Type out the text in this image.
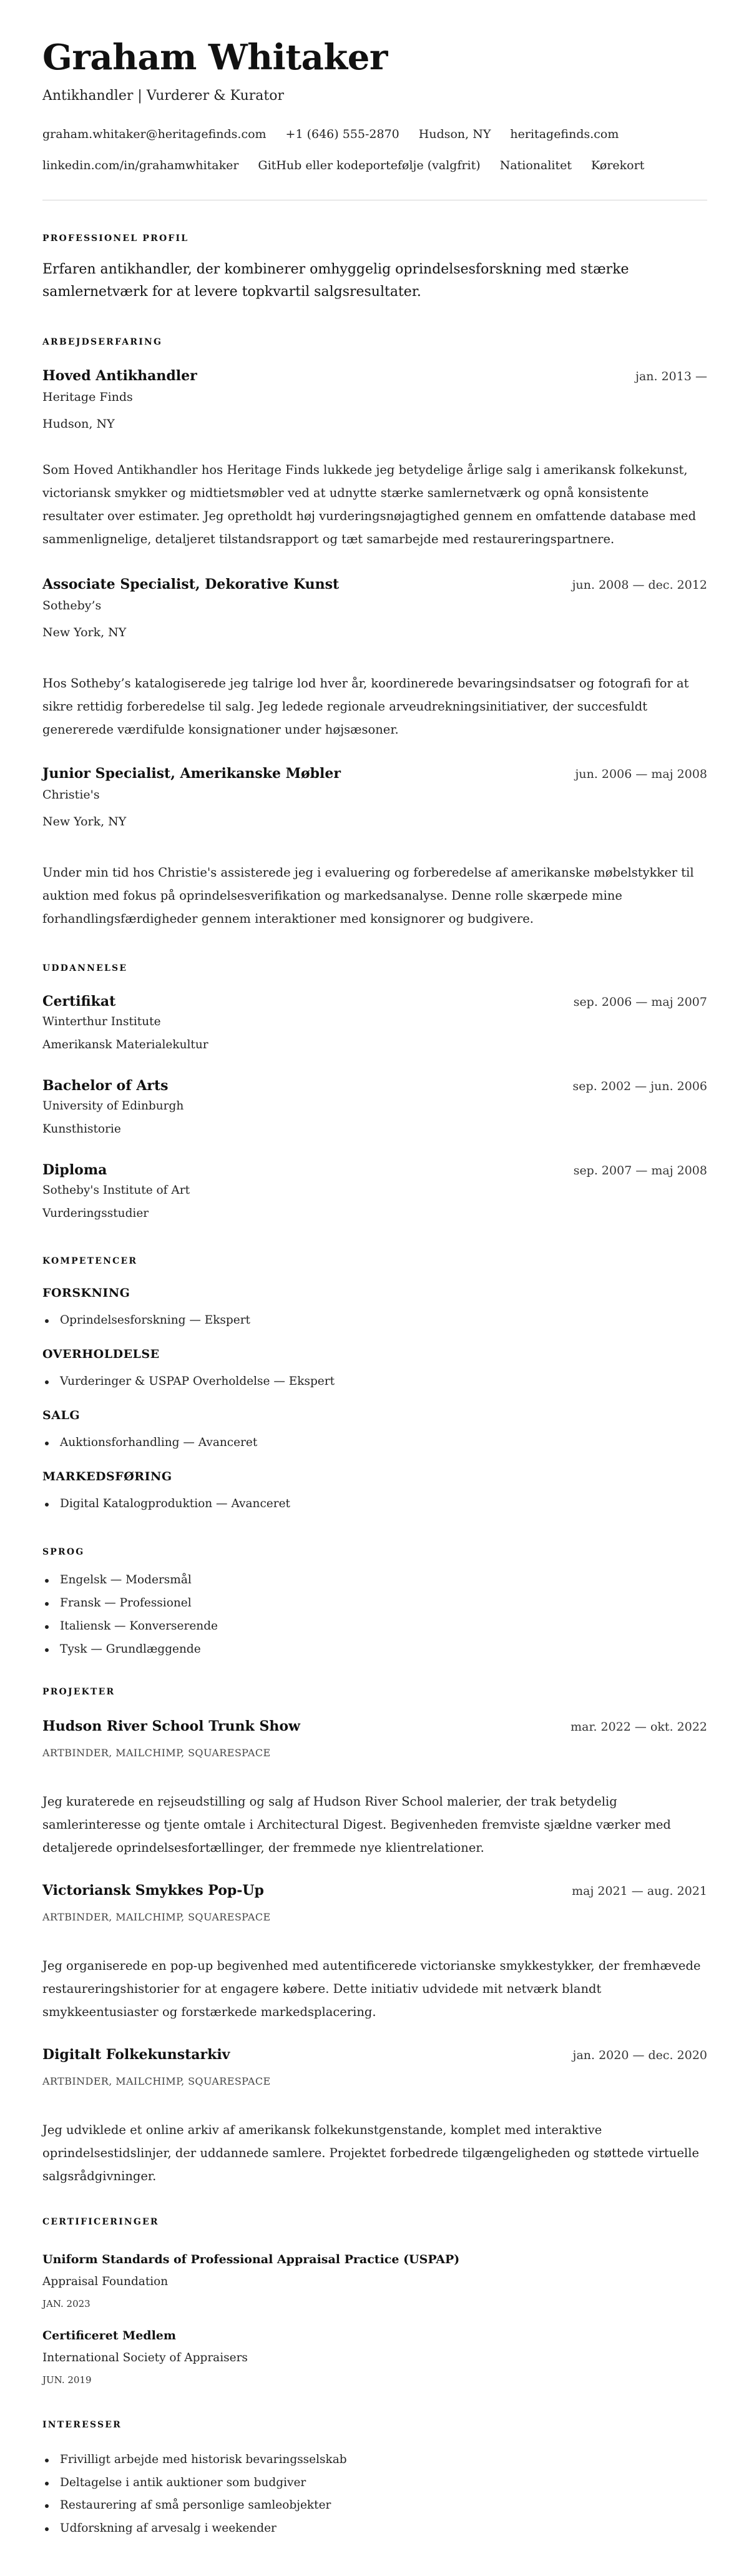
Graham Whitaker
Antikhandler | Vurderer & Kurator
graham.whitaker@heritagefinds.com +1 (646) 555-2870 Hudson, NY heritagefinds.com
linkedin.com/in/grahamwhitaker GitHub eller kodeportefølje (valgfrit) Nationalitet Kørekort
PROFESSIONEL PROFIL

Erfaren antikhandler, der kombinerer omhyggelig oprindelsesforskning med stærke samlernetværk for at levere topkvartil salgsresultater.

ARBEJDSERFARING
Hoved Antikhandler	jan. 2013 —
Heritage Finds
Hudson, NY

Som Hoved Antikhandler hos Heritage Finds lukkede jeg betydelige årlige salg i amerikansk folkekunst, victoriansk smykker og midtietsmøbler ved at udnytte stærke samlernetværk og opnå konsistente resultater over estimater. Jeg opretholdt høj vurderingsnøjagtighed gennem en omfattende database med sammenlignelige, detaljeret tilstandsrapport og tæt samarbejde med restaureringspartnere.

Associate Specialist, Dekorative Kunst	jun. 2008 — dec. 2012
Sotheby’s
New York, NY

Hos Sotheby’s katalogiserede jeg talrige lod hver år, koordinerede bevaringsindsatser og fotografi for at sikre rettidig forberedelse til salg. Jeg ledede regionale arveudrekningsinitiativer, der succesfuldt genererede værdifulde konsignationer under højsæsoner.

Junior Specialist, Amerikanske Møbler	jun. 2006 — maj 2008
Christie's
New York, NY

Under min tid hos Christie's assisterede jeg i evaluering og forberedelse af amerikanske møbelstykker til auktion med fokus på oprindelsesverifikation og markedsanalyse. Denne rolle skærpede mine forhandlingsfærdigheder gennem interaktioner med konsignorer og budgivere.

UDDANNELSE
Certifikat	sep. 2006 — maj 2007
Winterthur Institute
Amerikansk Materialekultur
Bachelor of Arts	sep. 2002 — jun. 2006
University of Edinburgh
Kunsthistorie
Diploma	sep. 2007 — maj 2008
Sotheby's Institute of Art
Vurderingsstudier
KOMPETENCER
FORSKNING
Oprindelsesforskning — Ekspert
OVERHOLDELSE
Vurderinger & USPAP Overholdelse — Ekspert
SALG
Auktionsforhandling — Avanceret
MARKEDSFØRING
Digital Katalogproduktion — Avanceret
SPROG
Engelsk — Modersmål
Fransk — Professionel
Italiensk — Konverserende
Tysk — Grundlæggende
PROJEKTER
Hudson River School Trunk Show	mar. 2022 — okt. 2022
ARTBINDER, MAILCHIMP, SQUARESPACE

Jeg kuraterede en rejseudstilling og salg af Hudson River School malerier, der trak betydelig samlerinteresse og tjente omtale i Architectural Digest. Begivenheden fremviste sjældne værker med detaljerede oprindelsesfortællinger, der fremmede nye klientrelationer.

Victoriansk Smykkes Pop-Up	maj 2021 — aug. 2021
ARTBINDER, MAILCHIMP, SQUARESPACE

Jeg organiserede en pop-up begivenhed med autentificerede victorianske smykkestykker, der fremhævede restaureringshistorier for at engagere købere. Dette initiativ udvidede mit netværk blandt smykkeentusiaster og forstærkede markedsplacering.

Digitalt Folkekunstarkiv	jan. 2020 — dec. 2020
ARTBINDER, MAILCHIMP, SQUARESPACE

Jeg udviklede et online arkiv af amerikansk folkekunstgenstande, komplet med interaktive oprindelsestidslinjer, der uddannede samlere. Projektet forbedrede tilgængeligheden og støttede virtuelle salgsrådgivninger.

CERTIFICERINGER
Uniform Standards of Professional Appraisal Practice (USPAP)
Appraisal Foundation
JAN. 2023
Certificeret Medlem
International Society of Appraisers
JUN. 2019
INTERESSER
Frivilligt arbejde med historisk bevaringsselskab
Deltagelse i antik auktioner som budgiver
Restaurering af små personlige samleobjekter
Udforskning af arvesalg i weekender
